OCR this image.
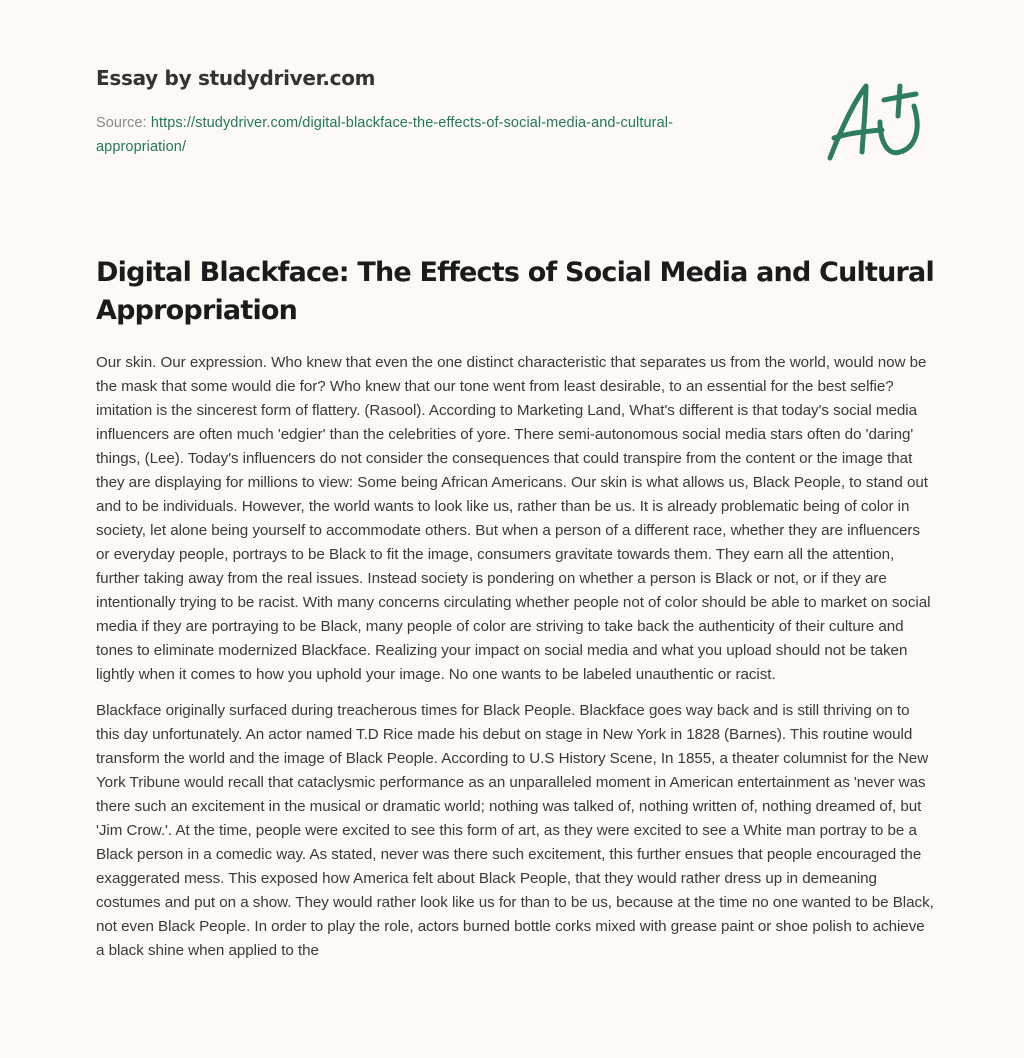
Essay by studydriver.com
Source: https://studydriver.com/digital-blackface-the-effects-of-social-media-and-cultural-appropriation/
Digital Blackface: The Effects of Social Media and Cultural Appropriation

Our skin. Our expression. Who knew that even the one distinct characteristic that separates us from the world, would now be the mask that some would die for? Who knew that our tone went from least desirable, to an essential for the best selfie? imitation is the sincerest form of flattery. (Rasool). According to Marketing Land, What's different is that today's social media influencers are often much 'edgier' than the celebrities of yore. There semi-autonomous social media stars often do 'daring' things, (Lee). Today's influencers do not consider the consequences that could transpire from the content or the image that they are displaying for millions to view: Some being African Americans. Our skin is what allows us, Black People, to stand out and to be individuals. However, the world wants to look like us, rather than be us. It is already problematic being of color in society, let alone being yourself to accommodate others. But when a person of a different race, whether they are influencers or everyday people, portrays to be Black to fit the image, consumers gravitate towards them. They earn all the attention, further taking away from the real issues. Instead society is pondering on whether a person is Black or not, or if they are intentionally trying to be racist. With many concerns circulating whether people not of color should be able to market on social media if they are portraying to be Black, many people of color are striving to take back the authenticity of their culture and tones to eliminate modernized Blackface. Realizing your impact on social media and what you upload should not be taken lightly when it comes to how you uphold your image. No one wants to be labeled unauthentic or racist.

Blackface originally surfaced during treacherous times for Black People. Blackface goes way back and is still thriving on to this day unfortunately. An actor named T.D Rice made his debut on stage in New York in 1828 (Barnes). This routine would transform the world and the image of Black People. According to U.S History Scene, In 1855, a theater columnist for the New York Tribune would recall that cataclysmic performance as an unparalleled moment in American entertainment as 'never was there such an excitement in the musical or dramatic world; nothing was talked of, nothing written of, nothing dreamed of, but 'Jim Crow.'. At the time, people were excited to see this form of art, as they were excited to see a White man portray to be a Black person in a comedic way. As stated, never was there such excitement, this further ensues that people encouraged the exaggerated mess. This exposed how America felt about Black People, that they would rather dress up in demeaning costumes and put on a show. They would rather look like us for than to be us, because at the time no one wanted to be Black, not even Black People. In order to play the role, actors burned bottle corks mixed with grease paint or shoe polish to achieve a black shine when applied to the
